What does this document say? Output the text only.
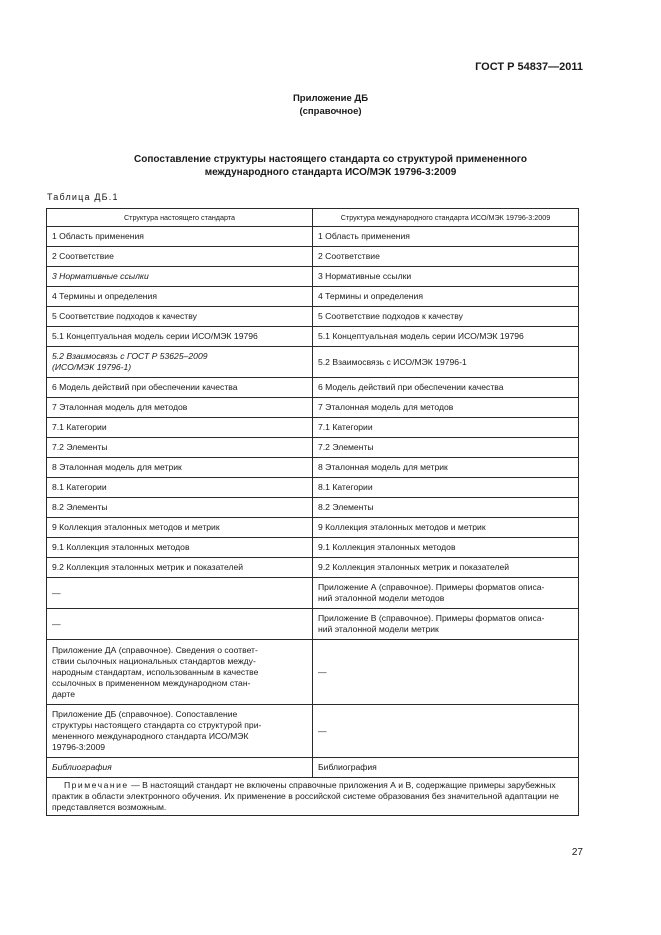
ГОСТ Р 54837—2011
Приложение ДБ
(справочное)
Сопоставление структуры настоящего стандарта со структурой примененного
международного стандарта ИСО/МЭК 19796-3:2009
Таблица ДБ.1
Структура настоящего стандарта	Структура международного стандарта ИСО/МЭК 19796-3:2009
1 Область применения	1 Область применения
2 Соответствие	2 Соответствие
3 Нормативные ссылки	3 Нормативные ссылки
4 Термины и определения	4 Термины и определения
5 Соответствие подходов к качеству	5 Соответствие подходов к качеству
5.1 Концептуальная модель серии ИСО/МЭК 19796	5.1 Концептуальная модель серии ИСО/МЭК 19796

5.2 Взаимосвязь с ГОСТ Р 53625–2009
(ИСО/МЭК 19796-1)	5.2 Взаимосвязь с ИСО/МЭК 19796-1
6 Модель действий при обеспечении качества	6 Модель действий при обеспечении качества
7 Эталонная модель для методов	7 Эталонная модель для методов
7.1 Категории	7.1 Категории
7.2 Элементы	7.2 Элементы
8 Эталонная модель для метрик	8 Эталонная модель для метрик
8.1 Категории	8.1 Категории
8.2 Элементы	8.2 Элементы
9 Коллекция эталонных методов и метрик	9 Коллекция эталонных методов и метрик
9.1 Коллекция эталонных методов	9.1 Коллекция эталонных методов
9.2 Коллекция эталонных метрик и показателей	9.2 Коллекция эталонных метрик и показателей
—	Приложение А (справочное). Примеры форматов описа-
ний эталонной модели методов

—	Приложение В (справочное). Примеры форматов описа-
ний эталонной модели метрик

Приложение ДА (справочное). Сведения о соответ-
ствии сылочных национальных стандартов между-
народным стандартам, использованным в качестве
ссылочных в примененном международном стан-
дарте	—

Приложение ДБ (справочное). Сопоставление
структуры настоящего стандарта со структурой при-
мененного международного стандарта ИСО/МЭК
19796-3:2009	—
Библиография	Библиография
Примечание — В настоящий стандарт не включены справочные приложения А и В, содержащие примеры зарубежных практик в области электронного обучения. Их применение в российской системе образования без значительной адаптации не представляется возможным.	
27
